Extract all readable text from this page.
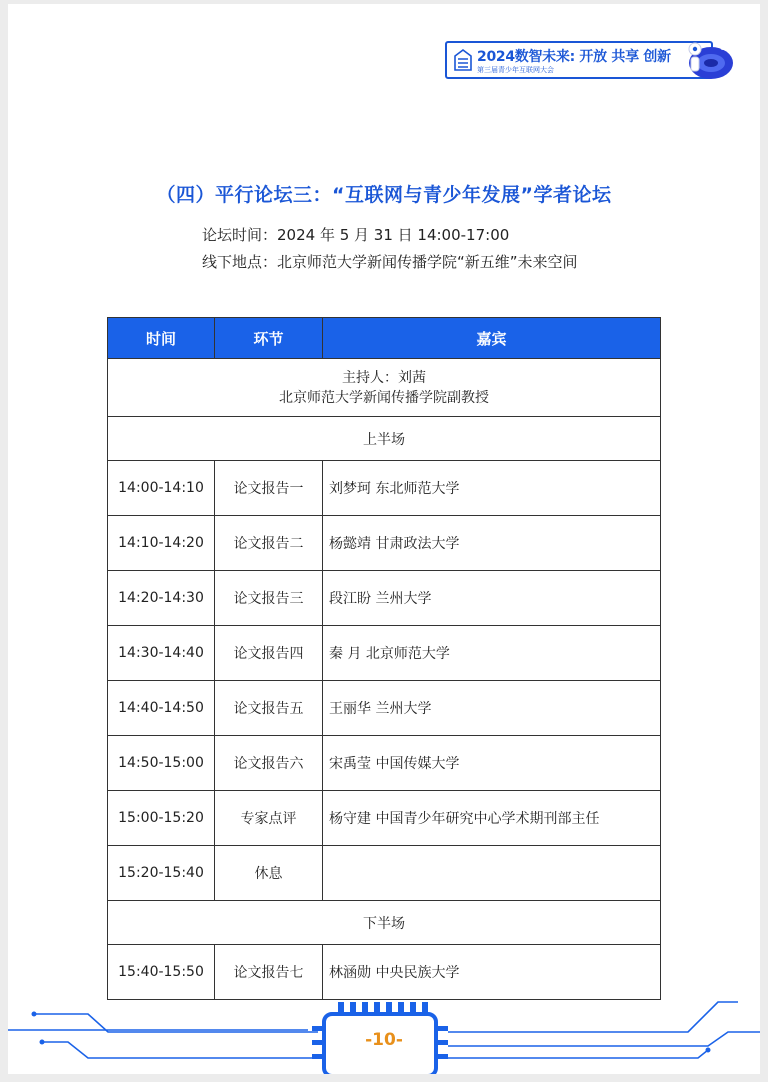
2024数智未来: 开放 共享 创新
第三届青少年互联网大会
（四）平行论坛三：“互联网与青少年发展”学者论坛
论坛时间：2024 年 5 月 31 日 14:00-17:00
线下地点：北京师范大学新闻传播学院“新五维”未来空间
时间	环节	嘉宾

主持人：刘茜
北京师范大学新闻传播学院副教授		

上半场		
14:00-14:10	论文报告一	刘梦珂 东北师范大学
14:10-14:20	论文报告二	杨懿靖 甘肃政法大学
14:20-14:30	论文报告三	段江盼 兰州大学
14:30-14:40	论文报告四	秦 月 北京师范大学
14:40-14:50	论文报告五	王丽华 兰州大学
14:50-15:00	论文报告六	宋禹莹 中国传媒大学
15:00-15:20	专家点评	杨守建 中国青少年研究中心学术期刊部主任
15:20-15:40	休息	
下半场		
15:40-15:50	论文报告七	林涵勋 中央民族大学
-10-
